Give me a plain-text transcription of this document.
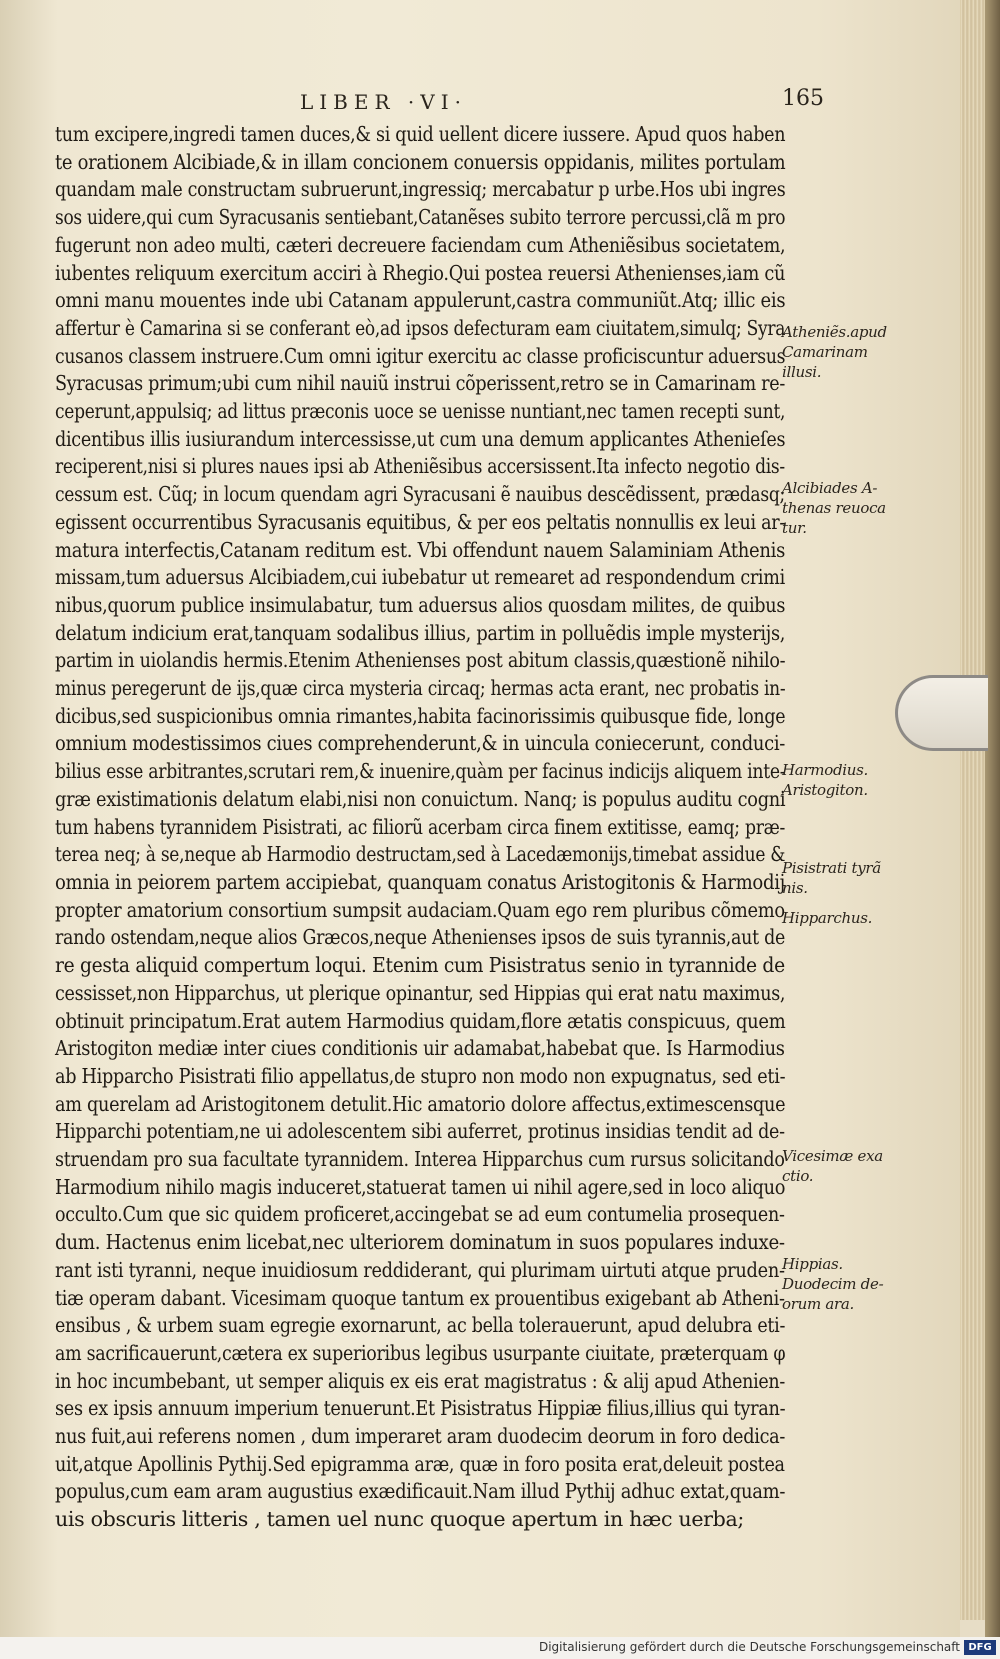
LIBER ·VI·	165
tum excipere,ingredi tamen duces,& si quid uellent dicere iussere. Apud quos haben
te orationem Alcibiade,& in illam concionem conuersis oppidanis, milites portulam
quandam male constructam subruerunt,ingressiq; mercabatur p urbe.Hos ubi ingres
sos uidere,qui cum Syracusanis sentiebant,Catanẽses subito terrore percussi,clã m pro
fugerunt non adeo multi, cæteri decreuere faciendam cum Atheniẽsibus societatem,
iubentes reliquum exercitum acciri à Rhegio.Qui postea reuersi Athenienses,iam cũ
omni manu mouentes inde ubi Catanam appulerunt,castra communiũt.Atq; illic eis
affertur è Camarina si se conferant eò,ad ipsos defecturam eam ciuitatem,simulq; Syra
cusanos classem instruere.Cum omni igitur exercitu ac classe proficiscuntur aduersus
Syracusas primum;ubi cum nihil nauiũ instrui cõperissent,retro se in Camarinam re-
ceperunt,appulsiq; ad littus præconis uoce se uenisse nuntiant,nec tamen recepti sunt,
dicentibus illis iusiurandum intercessisse,ut cum una demum applicantes Athenieſes
reciperent,nisi si plures naues ipsi ab Atheniẽsibus accersissent.Ita infecto negotio dis-
cessum est. Cũq; in locum quendam agri Syracusani ẽ nauibus descẽdissent, prædasq;
egissent occurrentibus Syracusanis equitibus, & per eos peltatis nonnullis ex leui ar-
matura interfectis,Catanam reditum est. Vbi offendunt nauem Salaminiam Athenis
missam,tum aduersus Alcibiadem,cui iubebatur ut remearet ad respondendum crimi
nibus,quorum publice insimulabatur, tum aduersus alios quosdam milites, de quibus
delatum indicium erat,tanquam sodalibus illius, partim in polluẽdis imple mysterijs,
partim in uiolandis hermis.Etenim Athenienses post abitum classis,quæstionẽ nihilo-
minus peregerunt de ijs,quæ circa mysteria circaq; hermas acta erant, nec probatis in-
dicibus,sed suspicionibus omnia rimantes,habita facinorissimis quibusque fide, longe
omnium modestissimos ciues comprehenderunt,& in uincula coniecerunt, conduci-
bilius esse arbitrantes,scrutari rem,& inuenire,quàm per facinus indicijs aliquem inte-
græ existimationis delatum elabi,nisi non conuictum. Nanq; is populus auditu cogni
tum habens tyrannidem Pisistrati, ac filiorũ acerbam circa finem extitisse, eamq; præ-
terea neq; à se,neque ab Harmodio destructam,sed à Lacedæmonijs,timebat assidue &
omnia in peiorem partem accipiebat, quanquam conatus Aristogitonis & Harmodij
propter amatorium consortium sumpsit audaciam.Quam ego rem pluribus cõmemo
rando ostendam,neque alios Græcos,neque Athenienses ipsos de suis tyrannis,aut de
re gesta aliquid compertum loqui. Etenim cum Pisistratus senio in tyrannide de
cessisset,non Hipparchus, ut plerique opinantur, sed Hippias qui erat natu maximus,
obtinuit principatum.Erat autem Harmodius quidam,flore ætatis conspicuus, quem
Aristogiton mediæ inter ciues conditionis uir adamabat,habebat que. Is Harmodius
ab Hipparcho Pisistrati filio appellatus,de stupro non modo non expugnatus, sed eti-
am querelam ad Aristogitonem detulit.Hic amatorio dolore affectus,extimescensque
Hipparchi potentiam,ne ui adolescentem sibi auferret, protinus insidias tendit ad de-
struendam pro sua facultate tyrannidem. Interea Hipparchus cum rursus solicitando
Harmodium nihilo magis induceret,statuerat tamen ui nihil agere,sed in loco aliquo
occulto.Cum que sic quidem proficeret,accingebat se ad eum contumelia prosequen-
dum. Hactenus enim licebat,nec ulteriorem dominatum in suos populares induxe-
rant isti tyranni, neque inuidiosum reddiderant, qui plurimam uirtuti atque pruden-
tiæ operam dabant. Vicesimam quoque tantum ex prouentibus exigebant ab Atheni-
ensibus , & urbem suam egregie exornarunt, ac bella tolerauerunt, apud delubra eti-
am sacrificauerunt,cætera ex superioribus legibus usurpante ciuitate, præterquam φ
in hoc incumbebant, ut semper aliquis ex eis erat magistratus : & alij apud Athenien-
ses ex ipsis annuum imperium tenuerunt.Et Pisistratus Hippiæ filius,illius qui tyran-
nus fuit,aui referens nomen , dum imperaret aram duodecim deorum in foro dedica-
uit,atque Apollinis Pythij.Sed epigramma aræ, quæ in foro posita erat,deleuit postea
populus,cum eam aram augustius exædificauit.Nam illud Pythij adhuc extat,quam-
uis obscuris litteris , tamen uel nunc quoque apertum in hæc uerba;
Atheniẽs.apud
Camarinam
illusi.
Alcibiades A-
thenas reuoca
tur.
Harmodius.
Aristogiton.
Pisistrati tyrã
nis.
Hipparchus.
Vicesimæ exa
ctio.
Hippias.
Duodecim de-
orum ara.
Digitalisierung gefördert durch die Deutsche Forschungsgemeinschaft DFG
